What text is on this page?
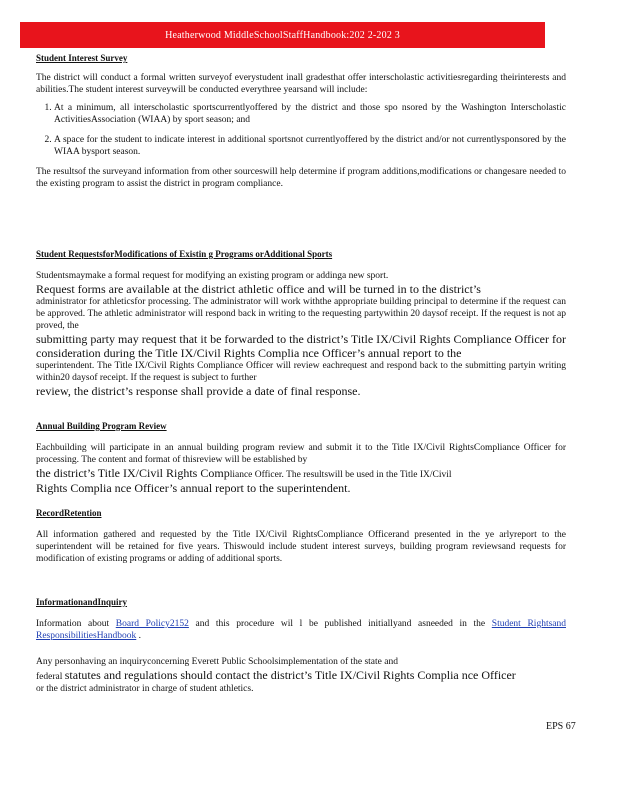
Heatherwood MiddleSchoolStaffHandbook:202 2-202 3

Student Interest Survey

The district will conduct a formal written surveyof everystudent inall gradesthat offer interscholastic activitiesregarding theirinterests and abilities.The student interest surveywill be conducted everythree yearsand will include:

1. At a minimum, all interscholastic sportscurrentlyoffered by the district and those spo nsored by the Washington Interscholastic ActivitiesAssociation (WIAA) by sport season; and
2. A space for the student to indicate interest in additional sportsnot currentlyoffered by the district and/or not currentlysponsored by the WIAA bysport season.

The resultsof the surveyand information from other sourceswill help determine if program additions,modifications or changesare needed to the existing program to assist the district in program compliance.

Student RequestsforModifications of Existin g Programs orAdditional Sports

Studentsmaymake a formal request for modifying an existing program or addinga new sport.

Request forms are available at the district athletic office and will be turned in to the district’s

administrator for athleticsfor processing. The administrator will work withthe appropriate building principal to determine if the request can be approved. The athletic administrator will respond back in writing to the requesting partywithin 20 daysof receipt. If the request is not ap proved, the

submitting party may request that it be forwarded to the district’s Title IX/Civil Rights Compliance Officer for consideration during the Title IX/Civil Rights Complia nce Officer’s annual report to the

superintendent. The Title IX/Civil Rights Compliance Officer will review eachrequest and respond back to the submitting partyin writing within20 daysof receipt. If the request is subject to further

review, the district’s response shall provide a date of final response.

Annual Building Program Review

Eachbuilding will participate in an annual building program review and submit it to the Title IX/Civil RightsCompliance Officer for processing. The content and format of thisreview will be established by

the district’s Title IX/Civil Rights Compliance Officer. The resultswill be used in the Title IX/Civil

Rights Complia nce Officer’s annual report to the superintendent.

RecordRetention

All information gathered and requested by the Title IX/Civil RightsCompliance Officerand presented in the ye arlyreport to the superintendent will be retained for five years. Thiswould include student interest surveys, building program reviewsand requests for modification of existing programs or adding of additional sports.

InformationandInquiry

Information about Board Policy2152 and this procedure wil l be published initiallyand asneeded in the Student Rightsand ResponsibilitiesHandbook .

Any personhaving an inquiryconcerning Everett Public Schoolsimplementation of the state and

federal statutes and regulations should contact the district’s Title IX/Civil Rights Complia nce Officer

or the district administrator in charge of student athletics.

EPS 67
